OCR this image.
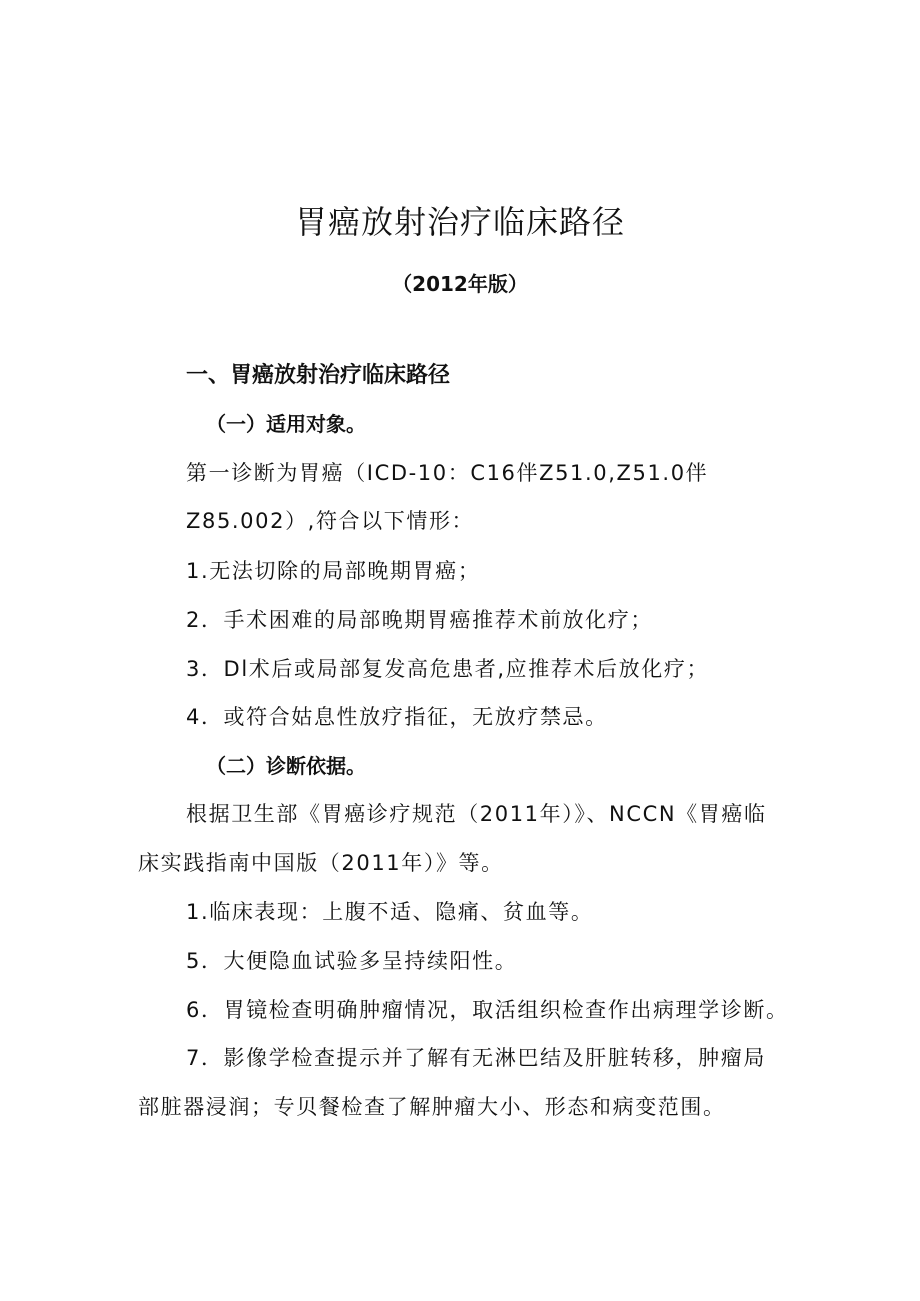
胃癌放射治疗临床路径
（2012年版）
一、胃癌放射治疗临床路径
（一）适用对象。
第一诊断为胃癌（ICD-10：C16伴Z51.0,Z51.0伴
Z85.002）,符合以下情形：
1.无法切除的局部晚期胃癌；
2．手术困难的局部晚期胃癌推荐术前放化疗；
3．Dl术后或局部复发高危患者,应推荐术后放化疗；
4．或符合姑息性放疗指征，无放疗禁忌。
（二）诊断依据。
根据卫生部《胃癌诊疗规范（2011年）》、NCCN《胃癌临
床实践指南中国版（2011年）》等。
1.临床表现：上腹不适、隐痛、贫血等。
5．大便隐血试验多呈持续阳性。
6．胃镜检查明确肿瘤情况，取活组织检查作出病理学诊断。
7．影像学检查提示并了解有无淋巴结及肝脏转移，肿瘤局
部脏器浸润；专贝餐检查了解肿瘤大小、形态和病变范围。
